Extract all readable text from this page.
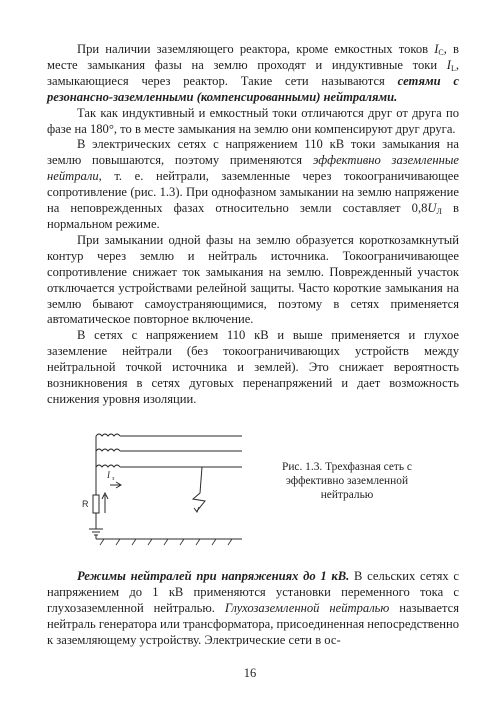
При наличии заземляющего реактора, кроме емкостных токов $I_С$, в месте замыкания фазы на землю проходят и индуктивные токи $I_L$, замыкающиеся через реактор. Такие сети называются сетями с резонансно-заземленными (компенсированными) нейтралями.

Так как индуктивный и емкостный токи отличаются друг от друга по фазе на 180°, то в месте замыкания на землю они компенсируют друг друга.

В электрических сетях с напряжением 110 кВ токи замыкания на землю повышаются, поэтому применяются эффективно заземленные нейтрали, т. е. нейтрали, заземленные через токоограничивающее сопротивление (рис. 1.3). При однофазном замыкании на землю напряжение на неповрежденных фазах относительно земли составляет $0,8U_Л$ в нормальном режиме.

При замыкании одной фазы на землю образуется короткозамкнутый контур через землю и нейтраль источника. Токоограничивающее сопротивление снижает ток замыкания на землю. Поврежденный участок отключается устройствами релейной защиты. Часто короткие замыкания на землю бывают самоустраняющимися, поэтому в сетях применяется автоматическое повторное включение.

В сетях с напряжением 110 кВ и выше применяется и глухое заземление нейтрали (без токоограничивающих устройств между нейтральной точкой источника и землей). Это снижает вероятность возникновения в сетях дуговых перенапряжений и дает возможность снижения уровня изоляции.

I з
R
Рис. 1.3. Трехфазная сеть с эффективно заземленной нейтралью

Режимы нейтралей при напряжениях до 1 кВ. В сельских сетях с напряжением до 1 кВ применяются установки переменного тока с глухозаземленной нейтралью. Глухозаземленной нейтралью называется нейтраль генератора или трансформатора, присоединенная непосредственно к заземляющему устройству. Электрические сети в ос-

16
